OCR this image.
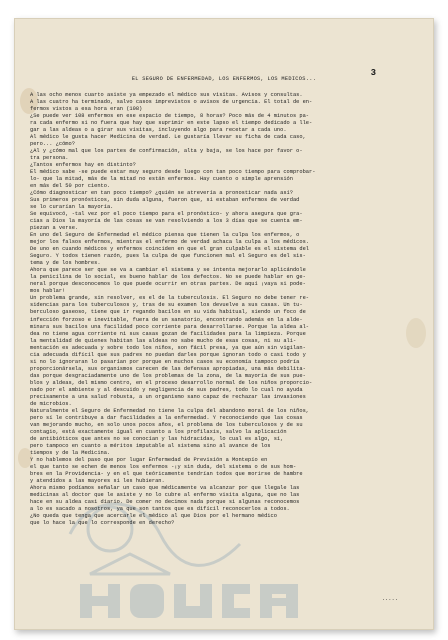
3
EL SEGURO DE ENFERMEDAD, LOS ENFERMOS, LOS MEDICOS...

A las ocho menos cuarto asiste ya empezado el médico sus visitas. Avisos y consultas.

A las cuatro ha terminado, salvo casos imprevistos o avisos de urgencia. El total de en-

fermos vistos a esa hora eran (108)

¿Se puede ver 108 enfermos en ese espacio de tiempo, 8 horas? Poco más de 4 minutos pa-

ra cada enfermo si no fuera que hay que suprimir en este lapso el tiempo dedicado a lle-

gar a las aldeas o a girar sus visitas, incluyendo algo para recetar a cada uno.

Al médico le gusta hacer Medicina de verdad. Le gustaría llevar su ficha de cada caso,

pero... ¿cómo?

¿Al y ¿cómo mal que los partes de confirmación, alta y baja, se los hace por favor o-

tra persona.

¿Tantos enfermos hay en distinto?

El médico sabe -se puede estar muy seguro desde luego con tan poco tiempo para comprobar-

lo- que la mitad, más de la mitad no están enfermos. Hay cuento o simple aprensión

en más del 50 por ciento.

¿Cómo diagnosticar en tan poco tiempo? ¿quién se atrevería a pronosticar nada así?

Sus primeros pronósticos, sin duda alguna, fueron que, si estaban enfermos de verdad

se lo curarían la mayoría.

Se equivocó, -tal vez por el poco tiempo para el pronóstico- y ahora asegura que gra-

cias a Dios la mayoría de las cosas se van resolviendo a los 3 días que se cuenta em-

piezan a verse.

En uno del Seguro de Enfermedad el médico piensa que tienen la culpa los enfermos, o

mejor los falsos enfermos, mientras el enfermo de verdad achaca la culpa a los médicos.

De uno en cuando médicos y enfermos coinciden en que el gran culpable es el sistema del

Seguro. Y todos tienen razón, pues la culpa de que funcionen mal el Seguro es del sis-

tema y de los hombres.

Ahora que parece ser que se va a cambiar el sistema y se intenta mejorarlo aplicándole

la penicilina de lo social, es bueno hablar de los defectos. No se puede hablar en ge-

neral porque desconocemos lo que puede ocurrir en otras partes. De aquí ¡vaya si pode-

mos hablar!

Un problema grande, sin resolver, es el de la tuberculosis. El Seguro no debe tener re-

sidencias para los tuberculosos y, tras de su examen los devuelve a sus casas. Un tu-

berculoso gaseoso, tiene que ir regando bacilos en su vida habitual, siendo un foco de

infección forzoso e inevitable, fuera de un sanatorio, encontrando además en la alde-

minara sus bacilos una facilidad poco corriente para desarrollarse. Porque la aldea al-

dea no tiene agua corriente ni sus casas gozan de facilidades para la limpieza. Porque

la mentalidad de quienes habitan las aldeas no sabe mucho de esas cosas, ni su ali-

mentación es adecuada y sobre todo los niños, son fácil presa, ya que aún sin vigilan-

cia adecuada difícil que sus padres no puedan darles porque ignoran todo o casi todo y

si no lo ignoraran lo pasarían por porque en muchos casos su economía tampoco podría

proporcionársela, sus organismos carecen de las defensas apropiadas, una más debilita-

das porque desgraciadamente uno de los problemas de la zona, de la mayoría de sus pue-

blos y aldeas, del mismo centro, en el proceso desarrollo normal de los niños proporcio-

nado por el ambiente y al descuido y negligencia de sus padres, todo lo cual no ayuda

precisamente a una salud robusta, a un organismo sano capaz de rechazar las invasiones

de microbios.

Naturalmente el Seguro de Enfermedad no tiene la culpa del abandono moral de los niños,

pero sí le contribuye a dar facilidades a la enfermedad. Y reconociendo que las cosas

van mejorando mucho, en solo unos pocos años, el problema de los tuberculosos y de su

contagio, está exactamente igual en cuanto a los profilaxis, salvo la aplicación

de antibióticos que antes no se conocían y las hidracidas, lo cual es algo, sí,

pero tampoco en cuanto a méritos imputable al sistema sino al avance de los

tiempos y de la Medicina.

Y no hablemos del paso que por lugar Enfermedad de Previsión a Montepío en

el que tanto se echen de menos los enfermos -¡y sin duda, del sistema o de sus hom-

bres en la Providencia- y en el que teóricamente tendrían todos que morirse de hambre

y atendidos a las mayores si les hubieran.

Ahora mismo podíamos señalar un caso que médicamente va alcanzar por que llegale las

medicinas al doctor que le asiste y no lo cubre al enfermo visita alguna, que no las

hace en su aldea casi diario. De comer no decimos nada porque si algunas reconocemos

a lo es sacado a nosotros, ya que son tantos que es difícil reconocerlos a todos.

¿No queda que tenga que acercarle el médico al que Dios por el hermano médico

que lo hace la que lo corresponde en derecho?

.....
